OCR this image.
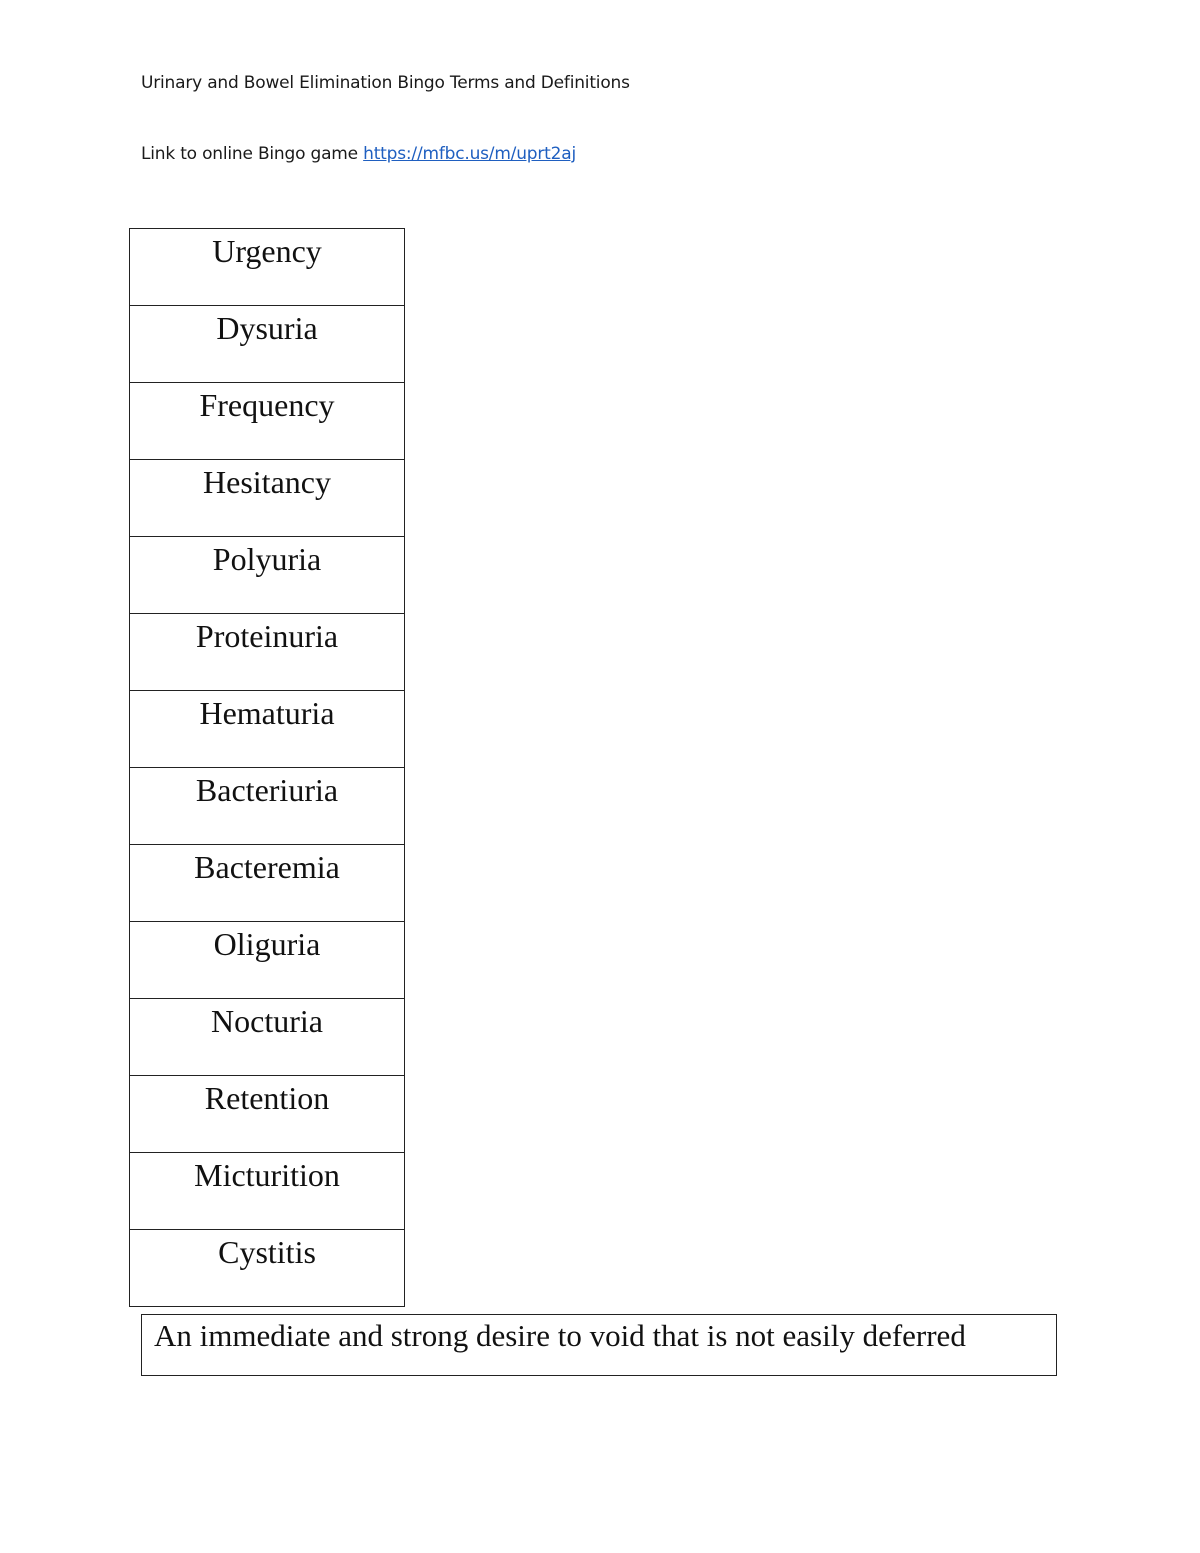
Urinary and Bowel Elimination Bingo Terms and Definitions
Link to online Bingo game https://mfbc.us/m/uprt2aj
Urgency

Dysuria

Frequency

Hesitancy

Polyuria

Proteinuria

Hematuria

Bacteriuria

Bacteremia

Oliguria

Nocturia

Retention

Micturition

Cystitis
An immediate and strong desire to void that is not easily deferred
